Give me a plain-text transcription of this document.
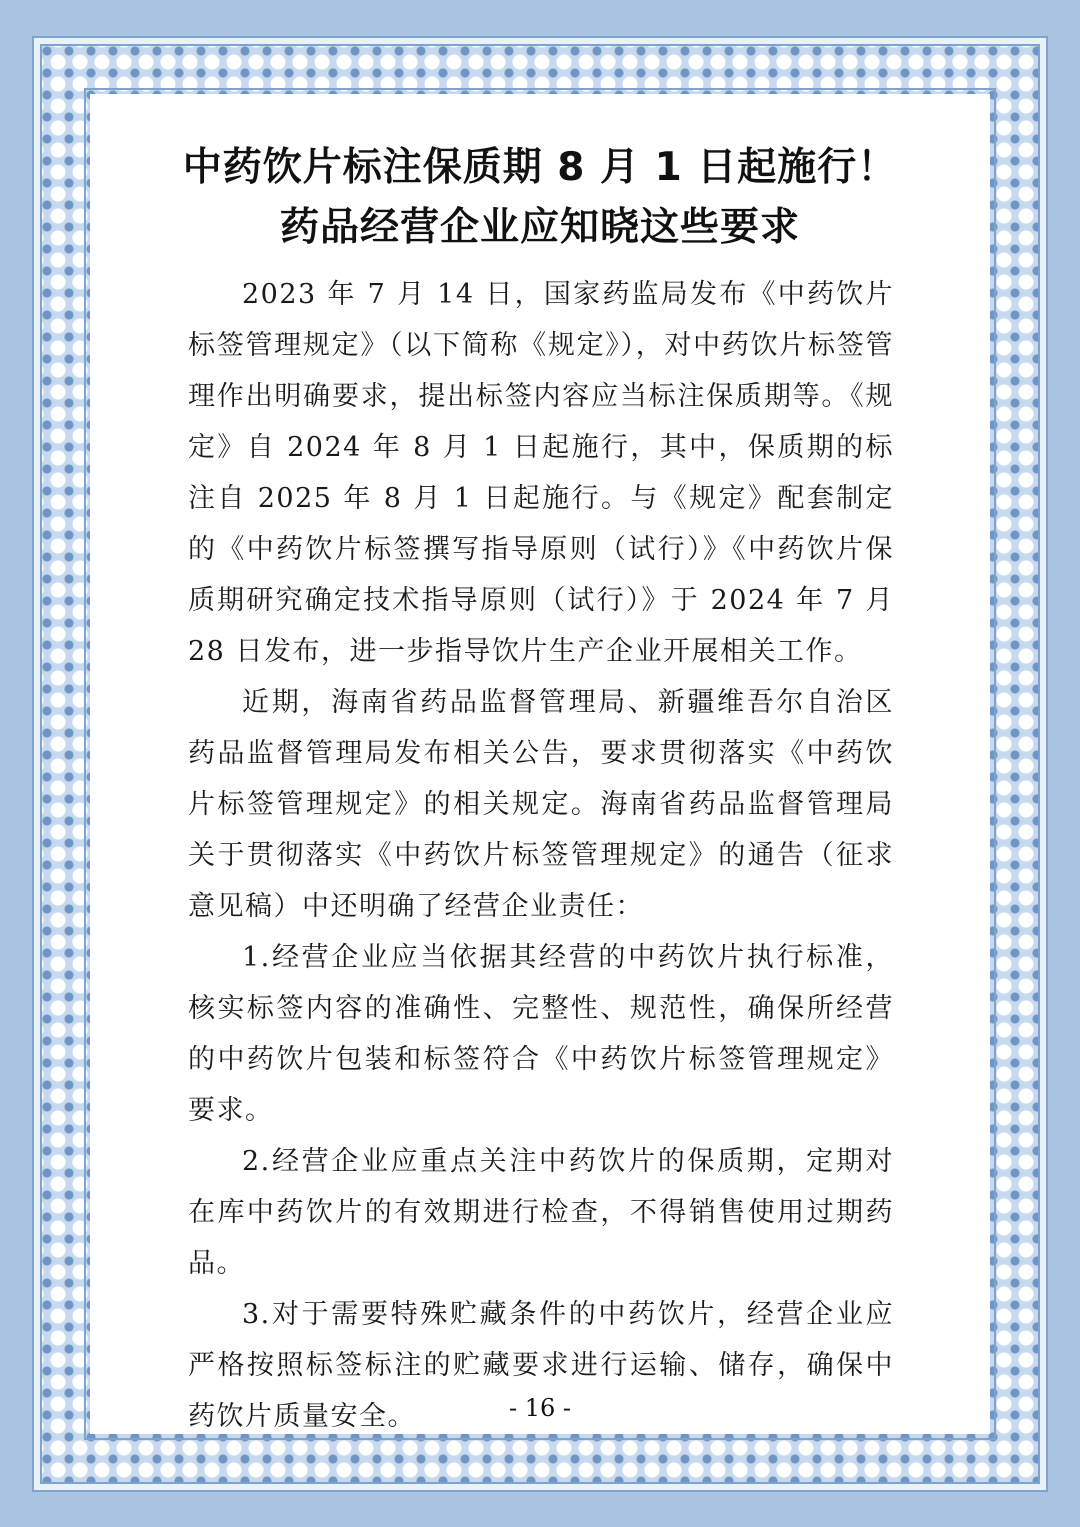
中药饮片标注保质期 8 月 1 日起施行！
药品经营企业应知晓这些要求

2023 年 7 月 14 日，国家药监局发布《中药饮片标签管理规定》（以下简称《规定》），对中药饮片标签管理作出明确要求，提出标签内容应当标注保质期等。《规定》自 2024 年 8 月 1 日起施行，其中，保质期的标注自 2025 年 8 月 1 日起施行。与《规定》配套制定的《中药饮片标签撰写指导原则（试行）》《中药饮片保质期研究确定技术指导原则（试行）》于 2024 年 7 月 28 日发布，进一步指导饮片生产企业开展相关工作。

近期，海南省药品监督管理局、新疆维吾尔自治区药品监督管理局发布相关公告，要求贯彻落实《中药饮片标签管理规定》的相关规定。海南省药品监督管理局关于贯彻落实《中药饮片标签管理规定》的通告（征求意见稿）中还明确了经营企业责任：

1.经营企业应当依据其经营的中药饮片执行标准，核实标签内容的准确性、完整性、规范性，确保所经营的中药饮片包装和标签符合《中药饮片标签管理规定》要求。

2.经营企业应重点关注中药饮片的保质期，定期对在库中药饮片的有效期进行检查，不得销售使用过期药品。

3.对于需要特殊贮藏条件的中药饮片，经营企业应严格按照标签标注的贮藏要求进行运输、储存，确保中药饮片质量安全。	- 16 -
